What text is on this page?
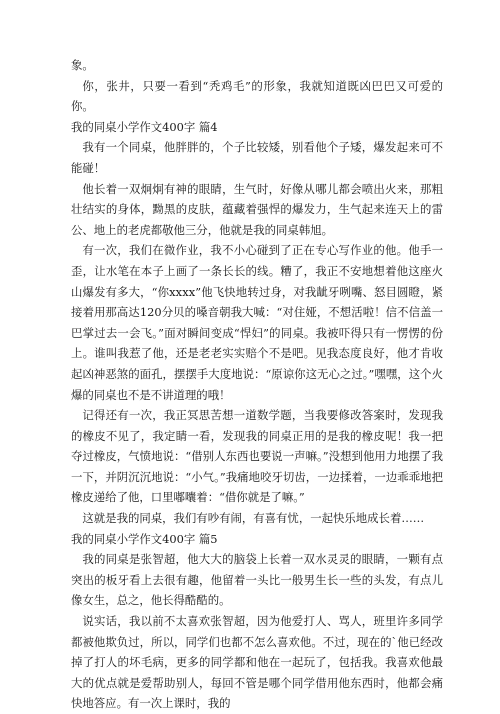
象。

你，张井，只要一看到“秃鸡毛”的形象，我就知道既凶巴巴又可爱的你。

我的同桌小学作文400字 篇4

我有一个同桌，他胖胖的，个子比较矮，别看他个子矮，爆发起来可不能碰！

他长着一双炯炯有神的眼睛，生气时，好像从哪儿都会喷出火来，那粗壮结实的身体，黝黑的皮肤，蕴藏着强悍的爆发力，生气起来连天上的雷公、地上的老虎都敬他三分，他就是我的同桌韩旭。

有一次，我们在微作业，我不小心碰到了正在专心写作业的他。他手一歪，让水笔在本子上画了一条长长的线。糟了，我正不安地想着他这座火山爆发有多大，“你ⅹⅹⅹⅹ”他飞快地转过身，对我龇牙咧嘴、怒目圆瞪，紧接着用那高达120分贝的嗓音朝我大喊：“对住娅，不想活啦！信不信盖一巴掌过去一会飞。”面对瞬间变成“悍妇”的同桌。我被吓得只有一愣愣的份上。谁叫我惹了他，还是老老实实赔个不是吧。见我态度良好，他才肯收起凶神恶煞的面孔，摆摆手大度地说：“原谅你这无心之过。”嘿嘿，这个火爆的同桌也不是不讲道理的哦！

记得还有一次，我正冥思苦想一道数学题，当我要修改答案时，发现我的橡皮不见了，我定睛一看，发现我的同桌正用的是我的橡皮呢！我一把夺过橡皮，气愤地说：“借别人东西也要说一声嘛。”没想到他用力地摆了我一下，并阴沉沉地说：“小气。”我痛地咬牙切齿，一边揉着，一边乖乖地把橡皮递给了他，口里嘟囔着：“借你就是了嘛。”

这就是我的同桌，我们有吵有闹，有喜有忧，一起快乐地成长着……

我的同桌小学作文400字 篇5

我的同桌是张智超，他大大的脑袋上长着一双水灵灵的眼睛，一颗有点突出的板牙看上去很有趣，他留着一头比一般男生长一些的头发，有点儿像女生，总之，他长得酷酷的。

说实话，我以前不太喜欢张智超，因为他爱打人、骂人，班里许多同学都被他欺负过，所以，同学们也都不怎么喜欢他。不过，现在的`他已经改掉了打人的坏毛病，更多的同学都和他在一起玩了，包括我。我喜欢他最大的优点就是爱帮助别人，每回不管是哪个同学借用他东西时，他都会痛快地答应。有一次上课时，我的
